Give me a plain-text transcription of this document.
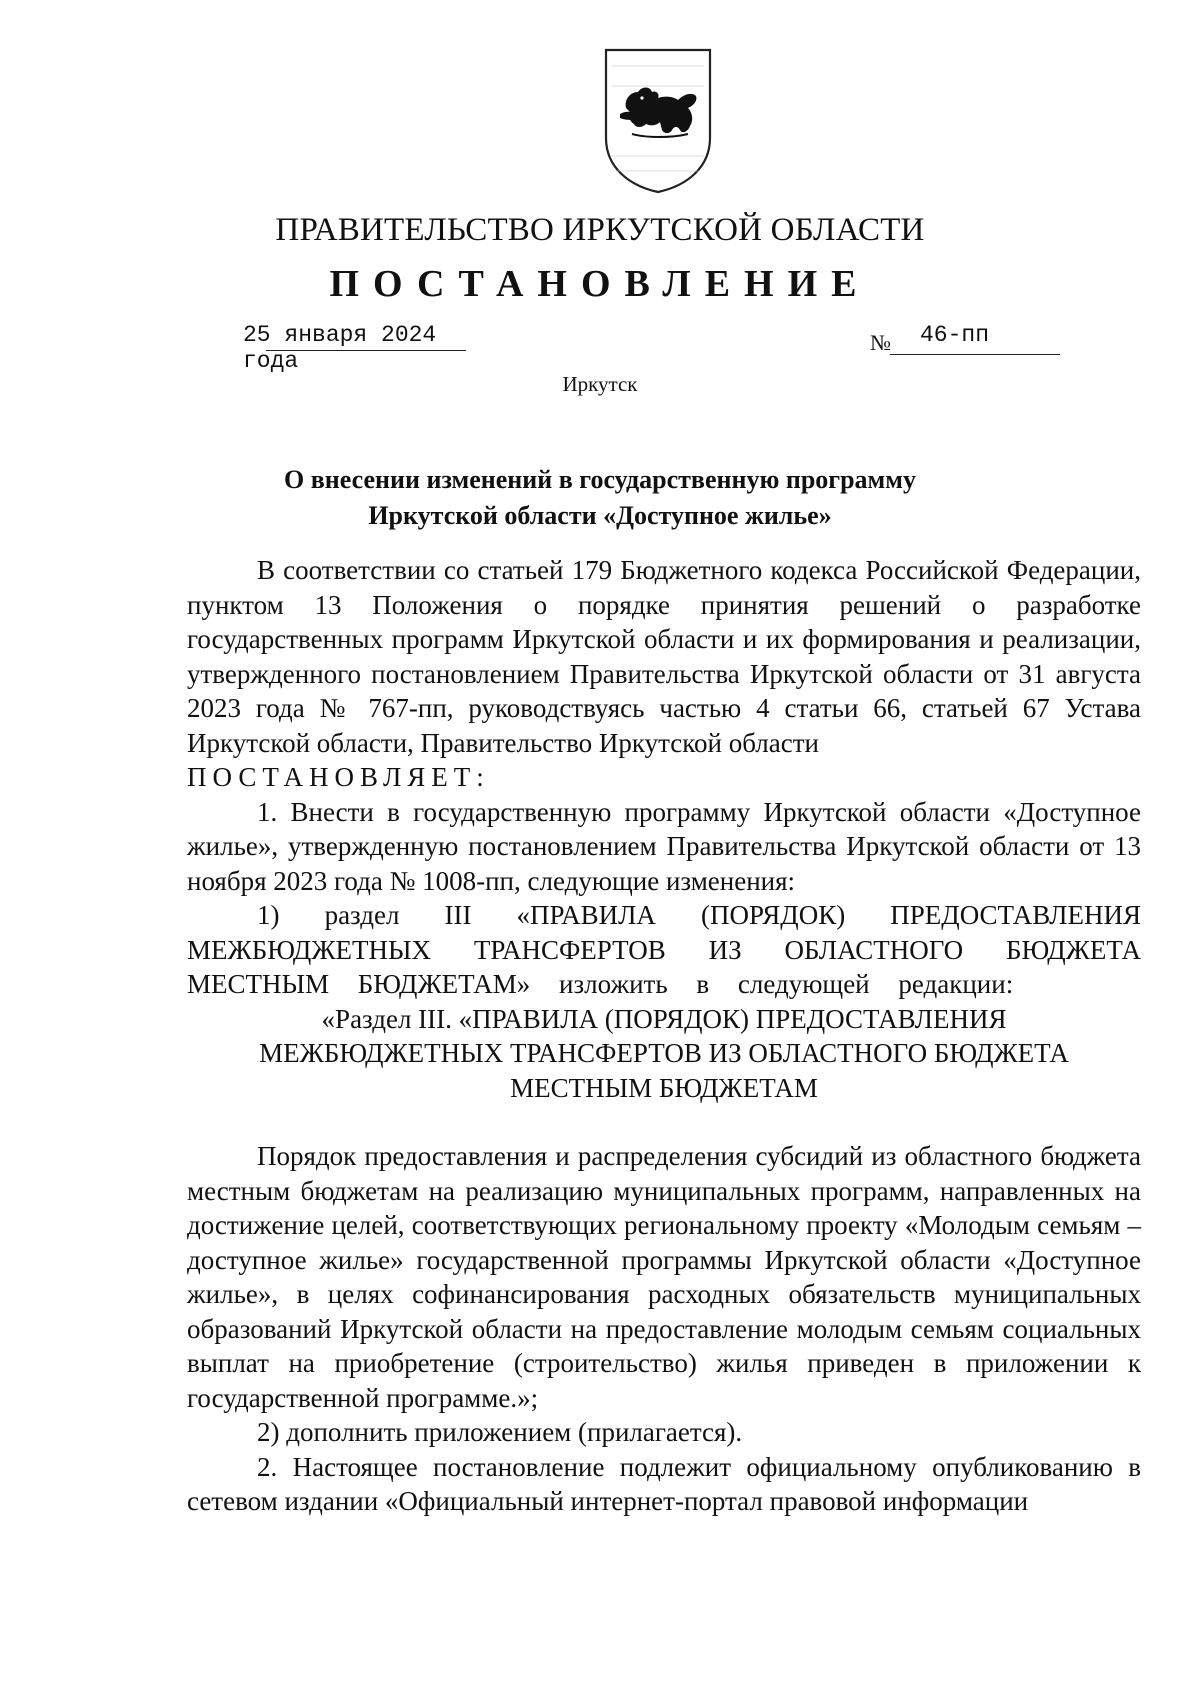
ПРАВИТЕЛЬСТВО ИРКУТСКОЙ ОБЛАСТИ
ПОСТАНОВЛЕНИЕ
25 января 2024 года
№ 46-пп
Иркутск
О внесении изменений в государственную программу
Иркутской области «Доступное жилье»

В соответствии со статьей 179 Бюджетного кодекса Российской Федерации, пунктом 13 Положения о порядке принятия решений о разработке государственных программ Иркутской области и их формирования и реализации, утвержденного постановлением Правительства Иркутской области от 31 августа 2023 года № 767-пп, руководствуясь частью 4 статьи 66, статьей 67 Устава Иркутской области, Правительство Иркутской области

ПОСТАНОВЛЯЕТ:

1. Внести в государственную программу Иркутской области «Доступное жилье», утвержденную постановлением Правительства Иркутской области от 13 ноября 2023 года № 1008-пп, следующие изменения:

1) раздел III «ПРАВИЛА (ПОРЯДОК) ПРЕДОСТАВЛЕНИЯ МЕЖБЮДЖЕТНЫХ ТРАНСФЕРТОВ ИЗ ОБЛАСТНОГО БЮДЖЕТА МЕСТНЫМ БЮДЖЕТАМ» изложить в следующей редакции:

«Раздел III. «ПРАВИЛА (ПОРЯДОК) ПРЕДОСТАВЛЕНИЯ

МЕЖБЮДЖЕТНЫХ ТРАНСФЕРТОВ ИЗ ОБЛАСТНОГО БЮДЖЕТА

МЕСТНЫМ БЮДЖЕТАМ

Порядок предоставления и распределения субсидий из областного бюджета местным бюджетам на реализацию муниципальных программ, направленных на достижение целей, соответствующих региональному проекту «Молодым семьям – доступное жилье» государственной программы Иркутской области «Доступное жилье», в целях софинансирования расходных обязательств муниципальных образований Иркутской области на предоставление молодым семьям социальных выплат на приобретение (строительство) жилья приведен в приложении к государственной программе.»;

2) дополнить приложением (прилагается).

2. Настоящее постановление подлежит официальному опубликованию в сетевом издании «Официальный интернет-портал правовой информации
